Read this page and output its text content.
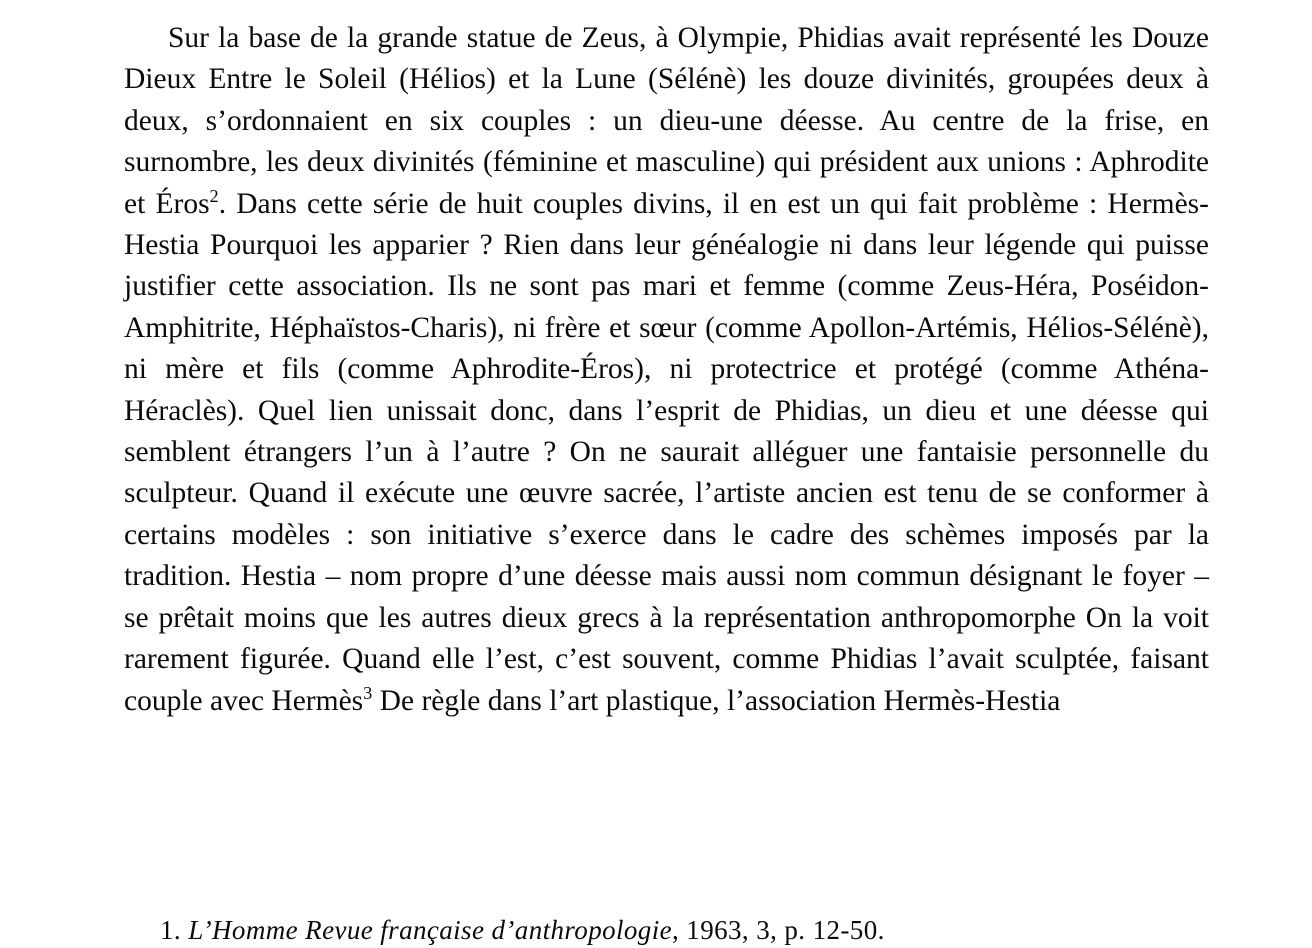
Sur la base de la grande statue de Zeus, à Olympie, Phidias avait représenté les Douze Dieux Entre le Soleil (Hélios) et la Lune (Sélénè) les douze divinités, groupées deux à deux, s’ordonnaient en six couples : un dieu-une déesse. Au centre de la frise, en surnombre, les deux divinités (féminine et masculine) qui président aux unions : Aphrodite et Éros$^2$. Dans cette série de huit couples divins, il en est un qui fait problème : Hermès-Hestia Pourquoi les apparier ? Rien dans leur généalogie ni dans leur légende qui puisse justifier cette association. Ils ne sont pas mari et femme (comme Zeus-Héra, Poséidon-Amphitrite, Héphaïstos-Charis), ni frère et sœur (comme Apollon-Artémis, Hélios-Sélénè), ni mère et fils (comme Aphrodite-Éros), ni protectrice et protégé (comme Athéna-Héraclès). Quel lien unissait donc, dans l’esprit de Phidias, un dieu et une déesse qui semblent étrangers l’un à l’autre ? On ne saurait alléguer une fantaisie personnelle du sculpteur. Quand il exécute une œuvre sacrée, l’artiste ancien est tenu de se conformer à certains modèles : son initiative s’exerce dans le cadre des schèmes imposés par la tradition. Hestia – nom propre d’une déesse mais aussi nom commun désignant le foyer – se prêtait moins que les autres dieux grecs à la représentation anthropomorphe On la voit rarement figurée. Quand elle l’est, c’est souvent, comme Phidias l’avait sculptée, faisant couple avec Hermès$^3$ De règle dans l’art plastique, l’association Hermès-Hestia

1. L’Homme Revue française d’anthropologie, 1963, 3, p. 12-50.
